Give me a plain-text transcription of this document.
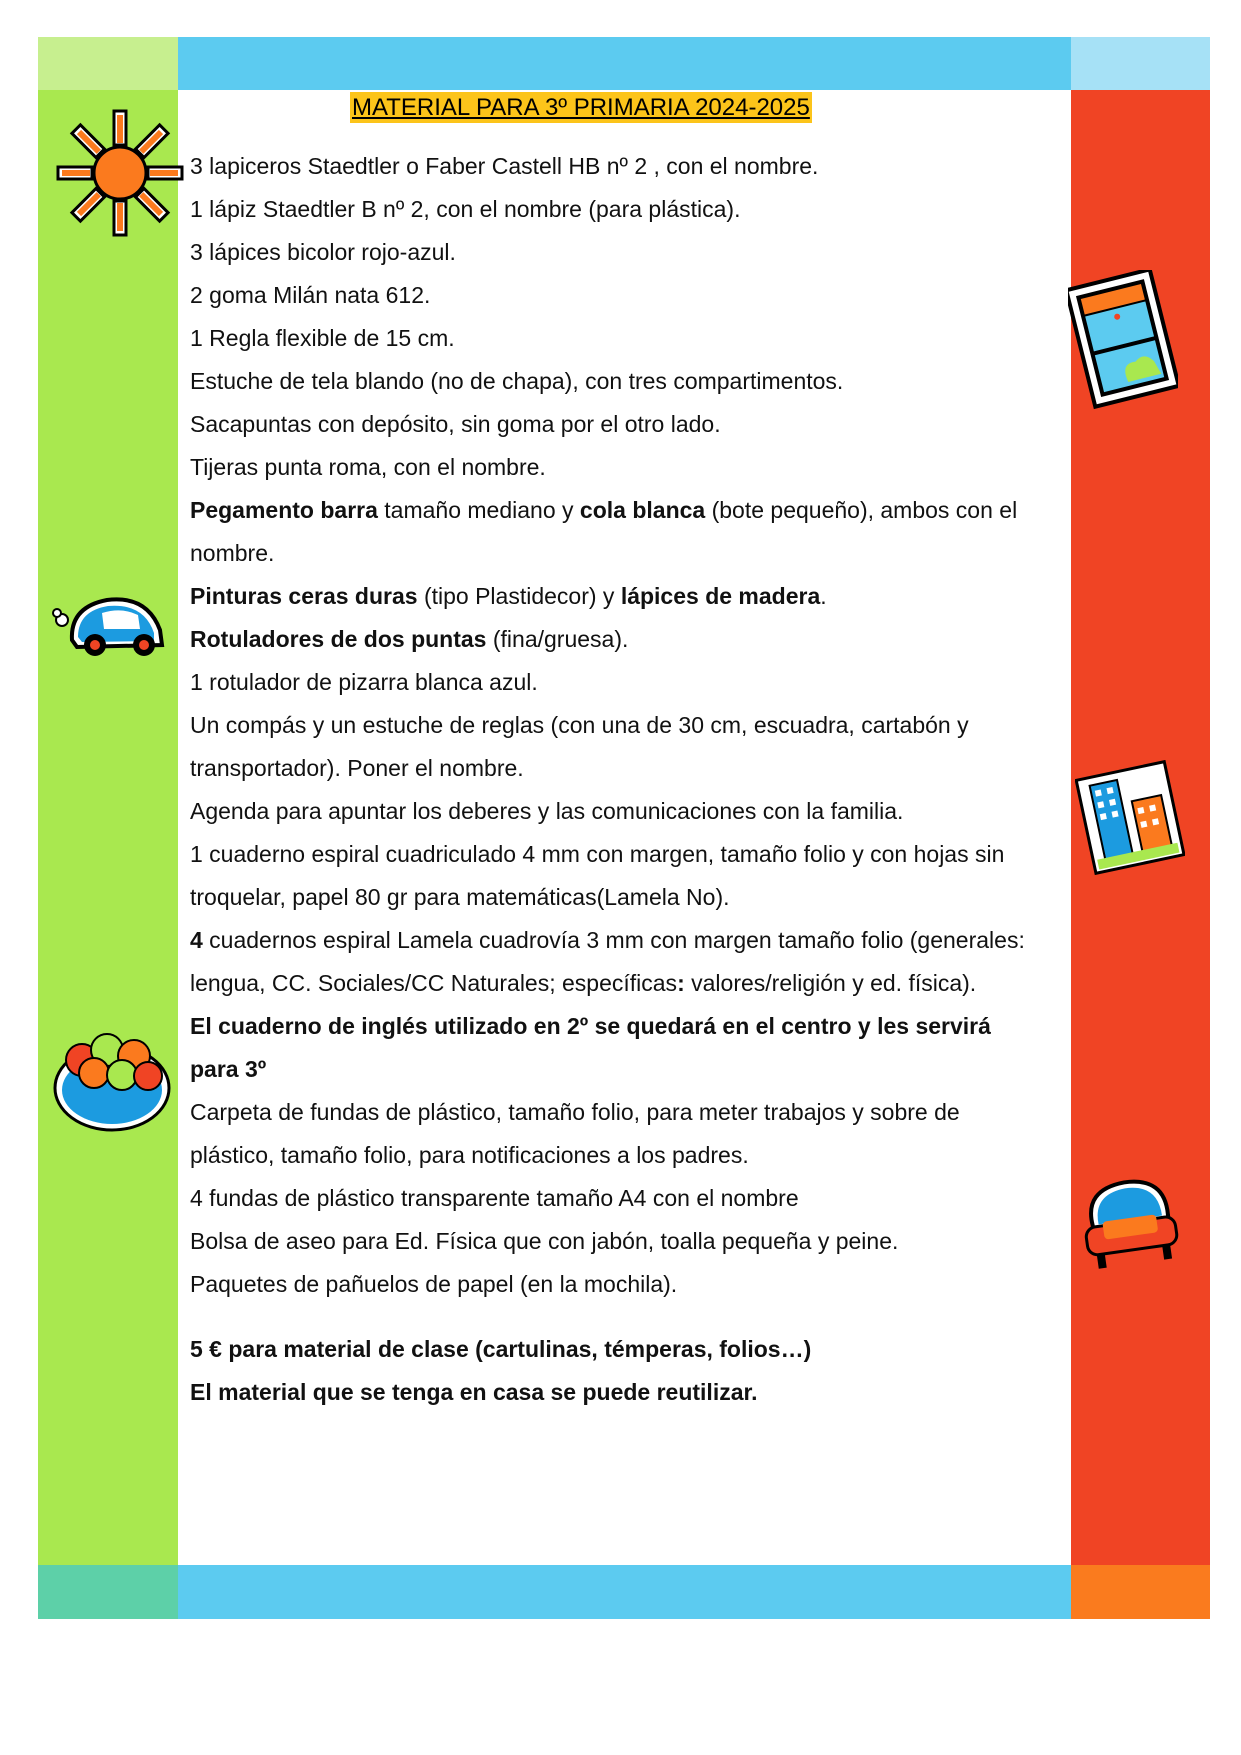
MATERIAL PARA 3º PRIMARIA 2024-2025

3 lapiceros Staedtler o Faber Castell HB nº 2 , con el nombre.

1 lápiz Staedtler B nº 2, con el nombre (para plástica).

3 lápices bicolor rojo-azul.

2 goma Milán nata 612.

1 Regla flexible de 15 cm.

Estuche de tela blando (no de chapa), con tres compartimentos.

Sacapuntas con depósito, sin goma por el otro lado.

Tijeras punta roma, con el nombre.

Pegamento barra tamaño mediano y cola blanca (bote pequeño), ambos con el nombre.

Pinturas ceras duras (tipo Plastidecor) y lápices de madera.

Rotuladores de dos puntas (fina/gruesa).

1 rotulador de pizarra blanca azul.

Un compás y un estuche de reglas (con una de 30 cm, escuadra, cartabón y transportador). Poner el nombre.

Agenda para apuntar los deberes y las comunicaciones con la familia.

1 cuaderno espiral cuadriculado 4 mm con margen, tamaño folio y con hojas sin troquelar, papel 80 gr para matemáticas(Lamela No).

4 cuadernos espiral Lamela cuadrovía 3 mm con margen tamaño folio (generales: lengua, CC. Sociales/CC Naturales; específicas: valores/religión y ed. física).

El cuaderno de inglés utilizado en 2º se quedará en el centro y les servirá para 3º

Carpeta de fundas de plástico, tamaño folio, para meter trabajos y sobre de plástico, tamaño folio, para notificaciones a los padres.

4 fundas de plástico transparente tamaño A4 con el nombre

Bolsa de aseo para Ed. Física que con jabón, toalla pequeña y peine.

Paquetes de pañuelos de papel (en la mochila).

5 € para material de clase (cartulinas, témperas, folios…)

El material que se tenga en casa se puede reutilizar.
